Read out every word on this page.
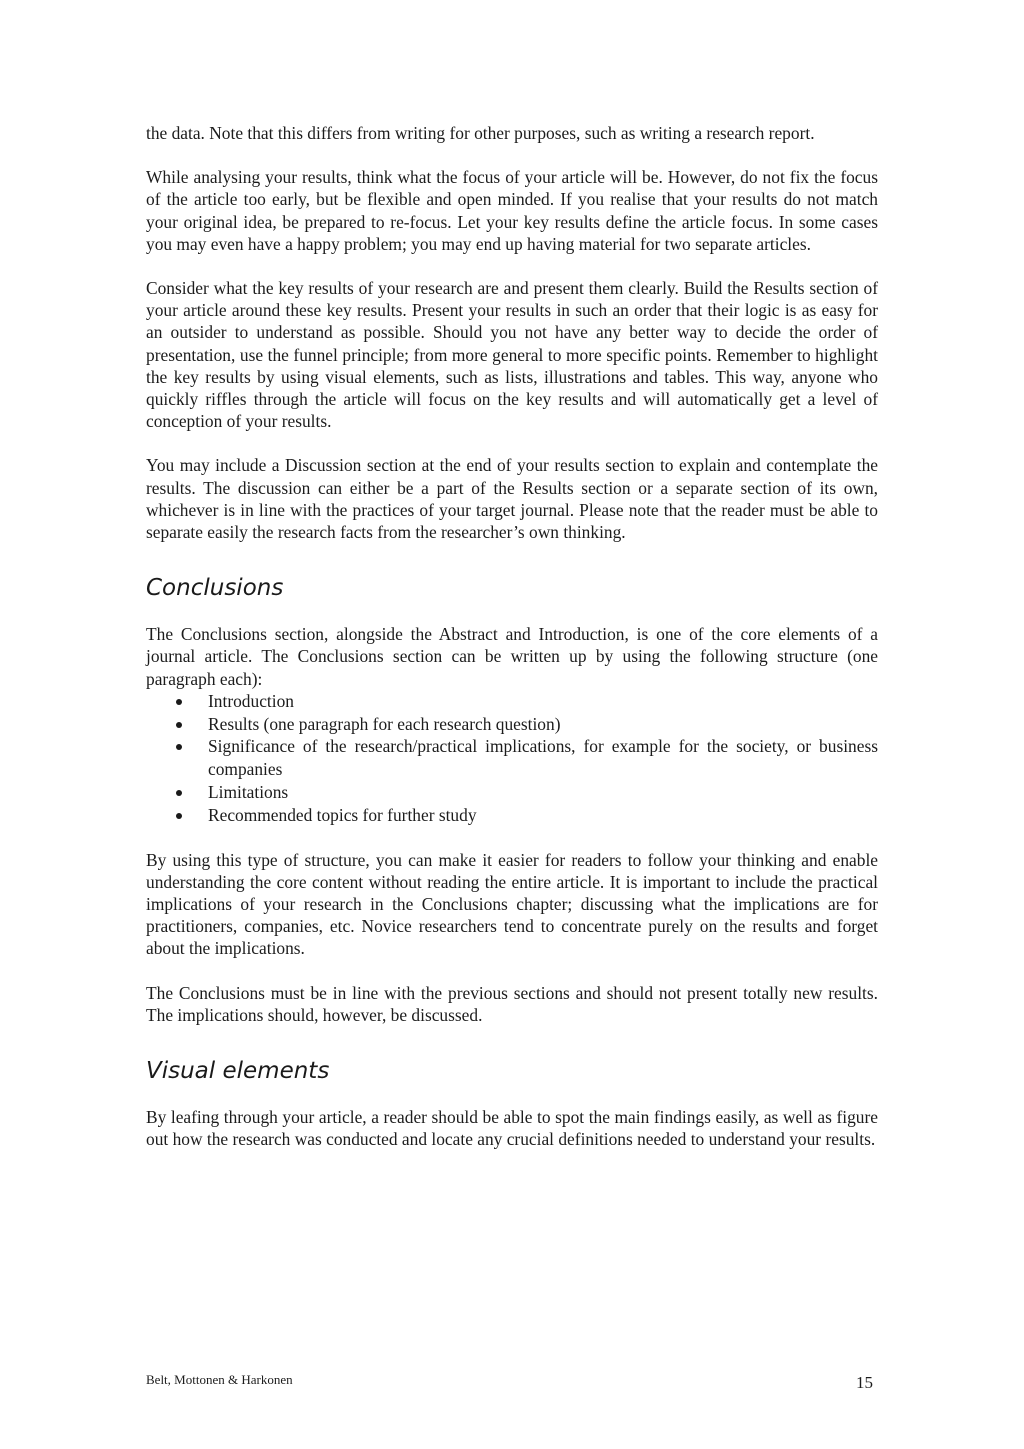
the data. Note that this differs from writing for other purposes, such as writing a research report.

While analysing your results, think what the focus of your article will be. However, do not fix the focus of the article too early, but be flexible and open minded. If you realise that your results do not match your original idea, be prepared to re-focus. Let your key results define the article focus. In some cases you may even have a happy problem; you may end up having material for two separate articles.

Consider what the key results of your research are and present them clearly. Build the Results section of your article around these key results. Present your results in such an order that their logic is as easy for an outsider to understand as possible. Should you not have any better way to decide the order of presentation, use the funnel principle; from more general to more specific points. Remember to highlight the key results by using visual elements, such as lists, illustrations and tables. This way, anyone who quickly riffles through the article will focus on the key results and will automatically get a level of conception of your results.

You may include a Discussion section at the end of your results section to explain and contemplate the results. The discussion can either be a part of the Results section or a separate section of its own, whichever is in line with the practices of your target journal. Please note that the reader must be able to separate easily the research facts from the researcher’s own thinking.

Conclusions

The Conclusions section, alongside the Abstract and Introduction, is one of the core elements of a journal article. The Conclusions section can be written up by using the following structure (one paragraph each):

Introduction
Results (one paragraph for each research question)
Significance of the research/practical implications, for example for the society, or business companies
Limitations
Recommended topics for further study

By using this type of structure, you can make it easier for readers to follow your thinking and enable understanding the core content without reading the entire article. It is important to include the practical implications of your research in the Conclusions chapter; discussing what the implications are for practitioners, companies, etc. Novice researchers tend to concentrate purely on the results and forget about the implications.

The Conclusions must be in line with the previous sections and should not present totally new results. The implications should, however, be discussed.

Visual elements

By leafing through your article, a reader should be able to spot the main findings easily, as well as figure out how the research was conducted and locate any crucial definitions needed to understand your results.

Belt, Mottonen & Harkonen	15
